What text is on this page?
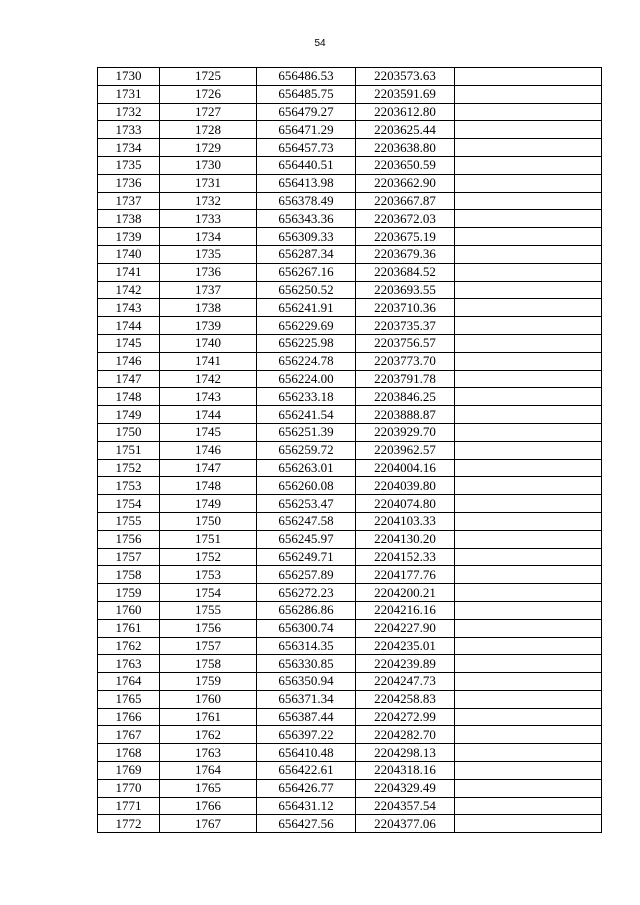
54
1730	1725	656486.53	2203573.63	
1731	1726	656485.75	2203591.69	
1732	1727	656479.27	2203612.80	
1733	1728	656471.29	2203625.44	
1734	1729	656457.73	2203638.80	
1735	1730	656440.51	2203650.59	
1736	1731	656413.98	2203662.90	
1737	1732	656378.49	2203667.87	
1738	1733	656343.36	2203672.03	
1739	1734	656309.33	2203675.19	
1740	1735	656287.34	2203679.36	
1741	1736	656267.16	2203684.52	
1742	1737	656250.52	2203693.55	
1743	1738	656241.91	2203710.36	
1744	1739	656229.69	2203735.37	
1745	1740	656225.98	2203756.57	
1746	1741	656224.78	2203773.70	
1747	1742	656224.00	2203791.78	
1748	1743	656233.18	2203846.25	
1749	1744	656241.54	2203888.87	
1750	1745	656251.39	2203929.70	
1751	1746	656259.72	2203962.57	
1752	1747	656263.01	2204004.16	
1753	1748	656260.08	2204039.80	
1754	1749	656253.47	2204074.80	
1755	1750	656247.58	2204103.33	
1756	1751	656245.97	2204130.20	
1757	1752	656249.71	2204152.33	
1758	1753	656257.89	2204177.76	
1759	1754	656272.23	2204200.21	
1760	1755	656286.86	2204216.16	
1761	1756	656300.74	2204227.90	
1762	1757	656314.35	2204235.01	
1763	1758	656330.85	2204239.89	
1764	1759	656350.94	2204247.73	
1765	1760	656371.34	2204258.83	
1766	1761	656387.44	2204272.99	
1767	1762	656397.22	2204282.70	
1768	1763	656410.48	2204298.13	
1769	1764	656422.61	2204318.16	
1770	1765	656426.77	2204329.49	
1771	1766	656431.12	2204357.54	
1772	1767	656427.56	2204377.06	
